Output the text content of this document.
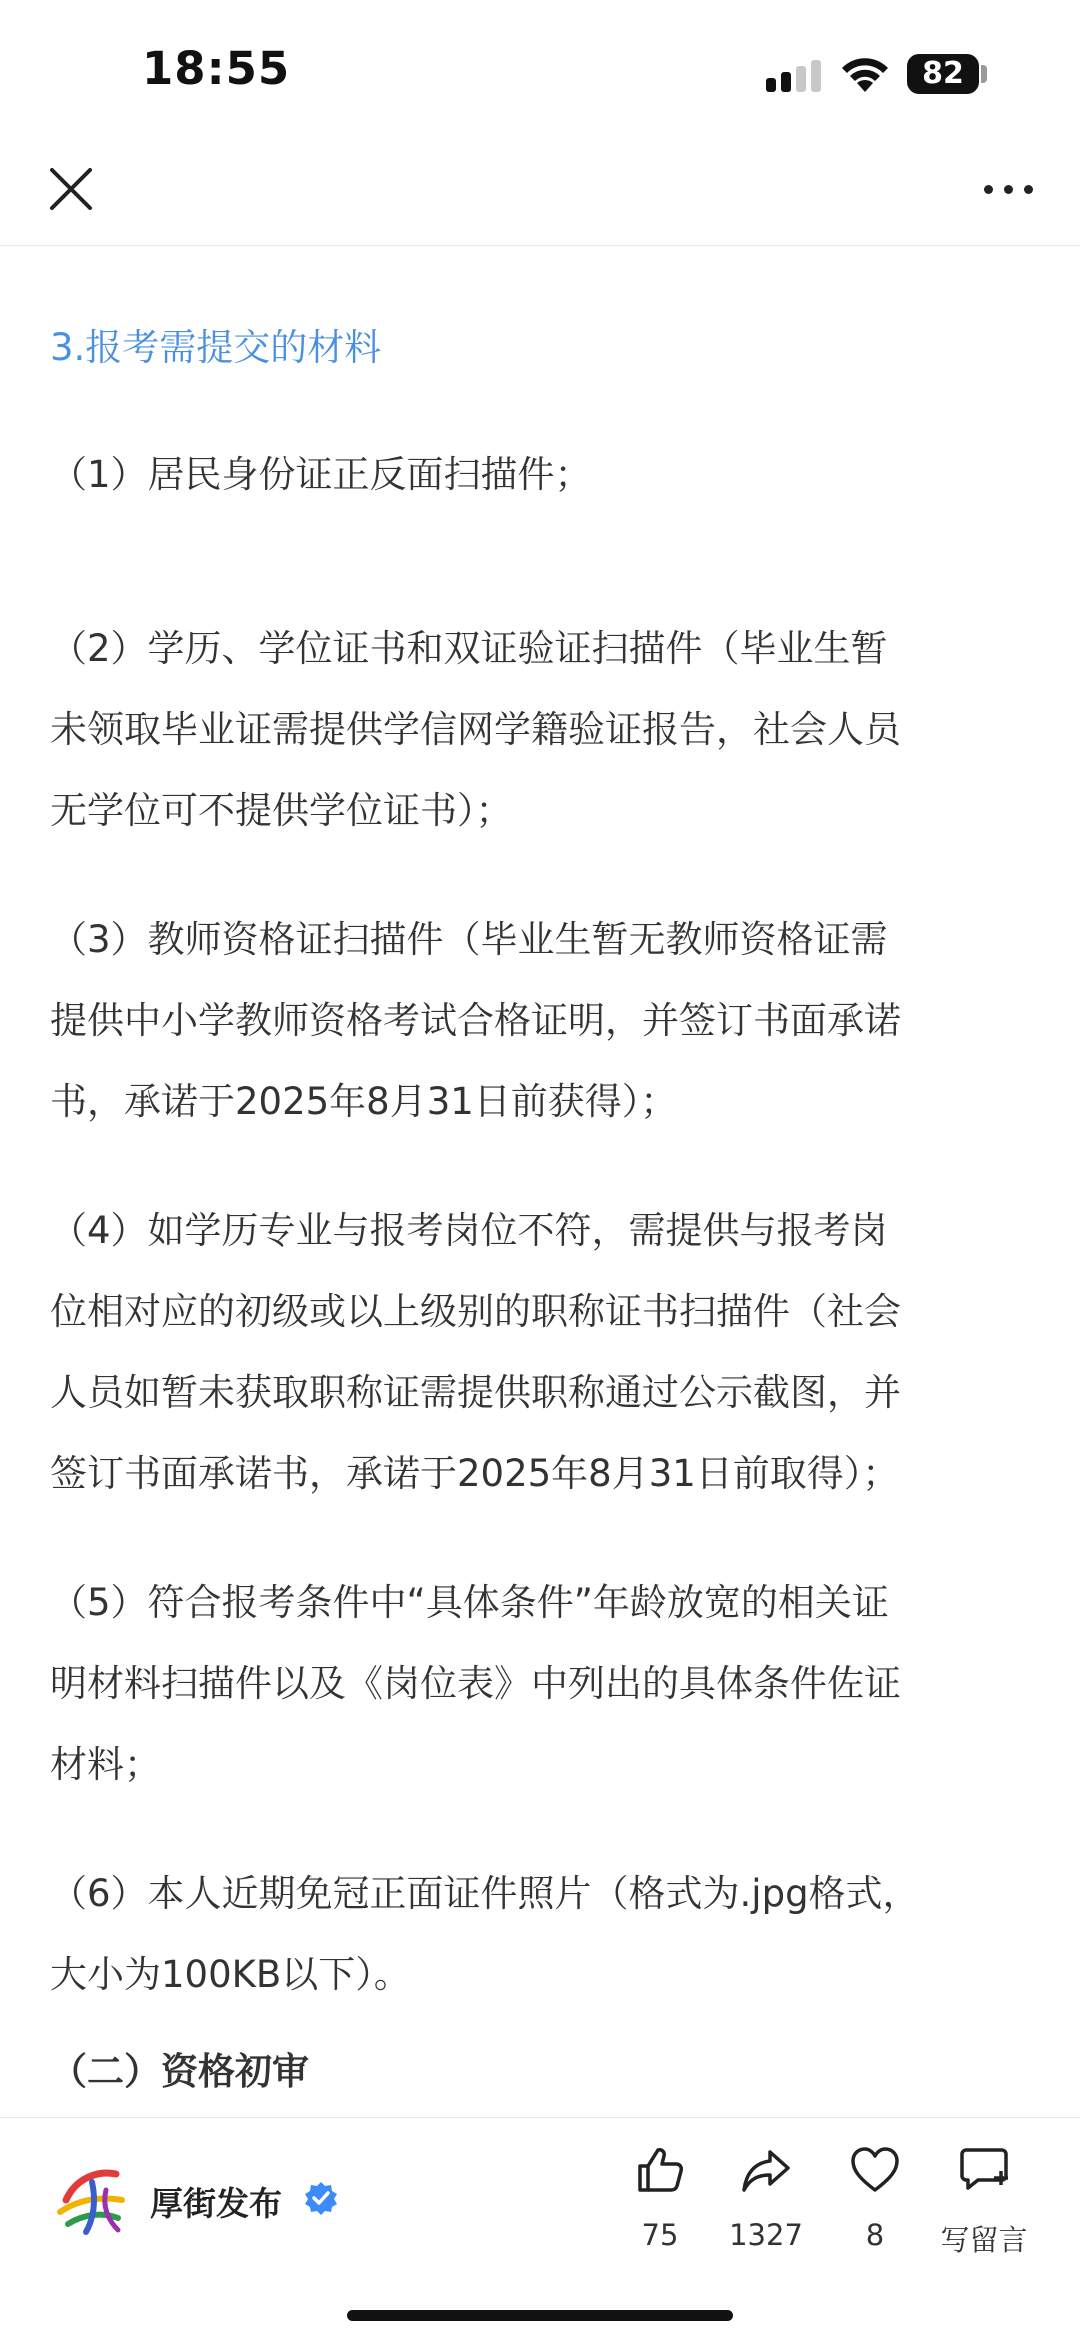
18:55	82
3.报考需提交的材料
（1）居民身份证正反面扫描件；
（2）学历、学位证书和双证验证扫描件（毕业生暂
未领取毕业证需提供学信网学籍验证报告，社会人员
无学位可不提供学位证书）；
（3）教师资格证扫描件（毕业生暂无教师资格证需
提供中小学教师资格考试合格证明，并签订书面承诺
书，承诺于2025年8月31日前获得）；
（4）如学历专业与报考岗位不符，需提供与报考岗
位相对应的初级或以上级别的职称证书扫描件（社会
人员如暂未获取职称证需提供职称通过公示截图，并
签订书面承诺书，承诺于2025年8月31日前取得）；
（5）符合报考条件中“具体条件”年龄放宽的相关证
明材料扫描件以及《岗位表》中列出的具体条件佐证
材料；
（6）本人近期免冠正面证件照片（格式为.jpg格式，
大小为100KB以下）。
（二）资格初审
厚街发布
75	1327	8	写留言
